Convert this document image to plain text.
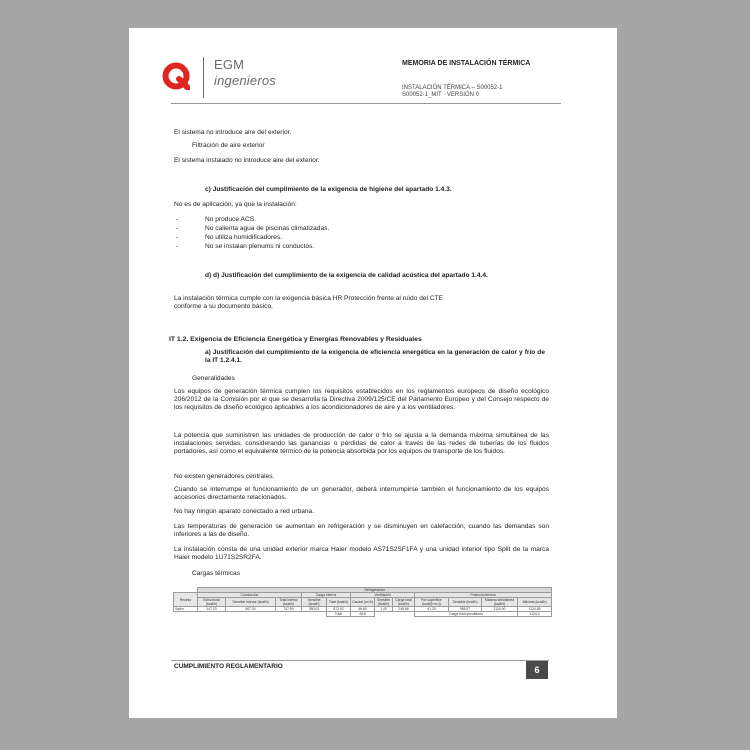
EGM
ingenieros
MEMORIA DE INSTALACIÓN TÉRMICA
INSTALACIÓN TÉRMICA – S00052-1
S00052-1_MIT · VERSIÓN 0
El sistema no introduce aire del exterior.
Filtración de aire exterior
El sistema instalado no introduce aire del exterior.
c) Justificación del cumplimiento de la exigencia de higiene del apartado 1.4.3.
No es de aplicación, ya que la instalación:
- No produce ACS.
- No calienta agua de piscinas climatizadas.
- No utiliza humidificadores.
- No se instalan plenums ni conductos.
d) d) Justificación del cumplimiento de la exigencia de calidad acústica del apartado 1.4.4.
La instalación térmica cumple con la exigencia básica HR Protección frente al ruido del CTE conforme a su documento básico.
IT 1.2. Exigencia de Eficiencia Energética y Energías Renovables y Residuales
a) Justificación del cumplimiento de la exigencia de eficiencia energética en la generación de calor y frío de la IT 1.2.4.1.
Generalidades
Los equipos de generación térmica cumplen los requisitos establecidos en los reglamentos europeos de diseño ecológico 206/2012 de la Comisión por el que se desarrolla la Directiva 2009/125/CE del Parlamento Europeo y del Consejo respecto de los requisitos de diseño ecológico aplicables a los acondicionadores de aire y a los ventiladores.
La potencia que suministren las unidades de producción de calor o frío se ajusta a la demanda máxima simultánea de las instalaciones servidas, considerando las ganancias o pérdidas de calor a través de las redes de tuberías de los fluidos portadores, así como el equivalente térmico de la potencia absorbida por los equipos de transporte de los fluidos.
No existen generadores centrales.
Cuando se interrumpe el funcionamiento de un generador, deberá interrumpirse también el funcionamiento de los equipos accesorios directamente relacionados.
No hay ningún aparato conectado a red urbana.
Las temperaturas de generación se aumentan en refrigeración y se disminuyen en calefacción, cuando las demandas son inferiores a las de diseño.
La instalación consta de una unidad exterior marca Haier modelo AS71S2SF1FA y una unidad interior tipo Split de la marca Haier modelo 1U71S2SR2FA.
Cargas térmicas
	Refrigeración											
Recinto	Conducción			Carga interna		Ventilación			Potencia térmica			
	Estructural (kcal/h)	Sensible interior (kcal/h)	Total interior (kcal/h)	Sensible (kcal/h)	Total (kcal/h)	Caudal (m³/h)	Sensible (kcal/h)	Carga total (kcal/h)	Por superficie (kcal/(h·m²))	Sensible (kcal/h)	Máxima simultánea (kcal/h)	Máxima (kcal/h)
Salón	147.23	567.34	747.59	950.03	872.02	46.80	1.49	248.56	41.20	958.57	1124.00	1124.58
					Total	46.8			Carga total simultánea			1124.0
CUMPLIMIENTO REGLAMENTARIO	6
